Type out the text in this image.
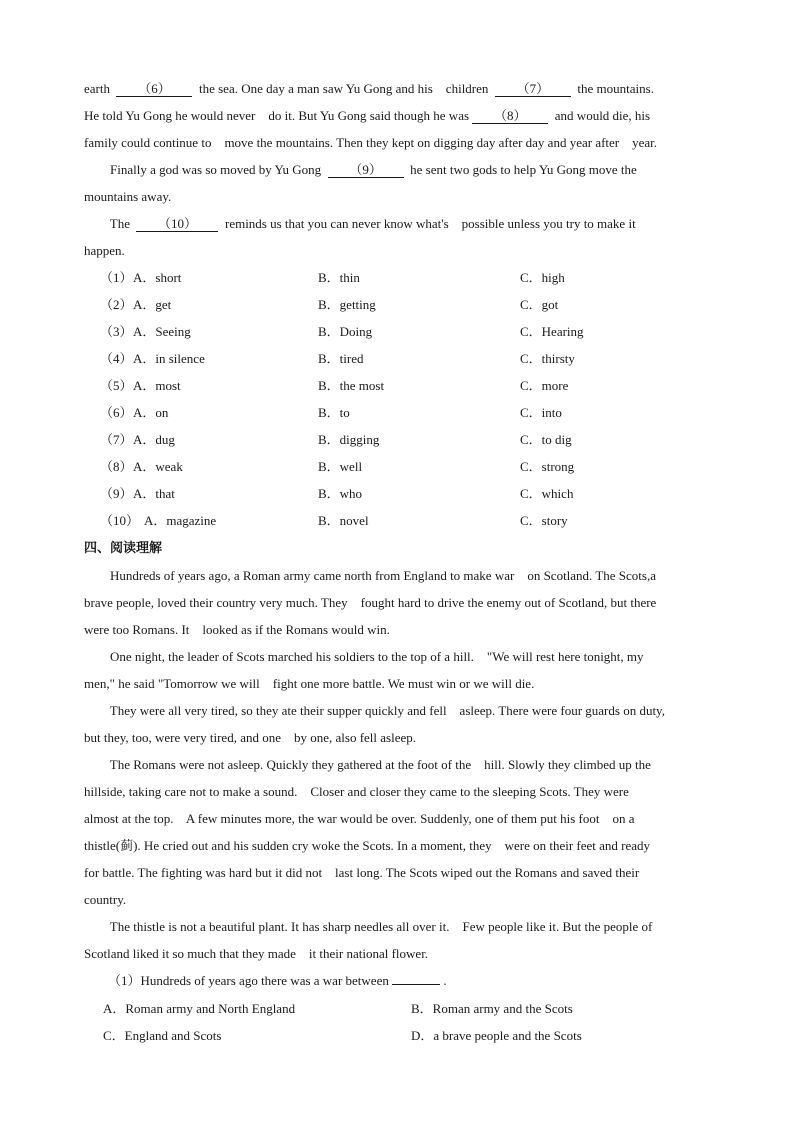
earth  （6）  the sea. One day a man saw Yu Gong and his    children  （7）  the mountains.
He told Yu Gong he would never    do it. But Yu Gong said though he was （8）  and would die, his
family could continue to    move the mountains. Then they kept on digging day after day and year after    year.
Finally a god was so moved by Yu Gong  （9）  he sent two gods to help Yu Gong move the
mountains away.
The  （10）  reminds us that you can never know what's    possible unless you try to make it
happen.
（1） A．short	B．thin	C．high
（2） A．get	B．getting	C．got
（3） A．Seeing	B．Doing	C．Hearing
（4） A．in silence	B．tired	C．thirsty
（5） A．most	B．the most	C．more
（6） A．on	B．to	C．into
（7） A．dug	B．digging	C．to dig
（8） A．weak	B．well	C．strong
（9） A．that	B．who	C．which
（10） A．magazine	B．novel	C．story
四、阅读理解
Hundreds of years ago, a Roman army came north from England to make war    on Scotland. The Scots,a
brave people, loved their country very much. They    fought hard to drive the enemy out of Scotland, but there
were too Romans. It    looked as if the Romans would win.
One night, the leader of Scots marched his soldiers to the top of a hill.    "We will rest here tonight, my
men," he said "Tomorrow we will    fight one more battle. We must win or we will die.
They were all very tired, so they ate their supper quickly and fell    asleep. There were four guards on duty,
but they, too, were very tired, and one    by one, also fell asleep.
The Romans were not asleep. Quickly they gathered at the foot of the    hill. Slowly they climbed up the
hillside, taking care not to make a sound.    Closer and closer they came to the sleeping Scots. They were
almost at the top.    A few minutes more, the war would be over. Suddenly, one of them put his foot    on a
thistle(蓟). He cried out and his sudden cry woke the Scots. In a moment, they    were on their feet and ready
for battle. The fighting was hard but it did not    last long. The Scots wiped out the Romans and saved their
country.
The thistle is not a beautiful plant. It has sharp needles all over it.    Few people like it. But the people of
Scotland liked it so much that they made    it their national flower.
（1）Hundreds of years ago there was a war between	.
A．Roman army and North England	B．Roman army and the Scots
C．England and Scots	D．a brave people and the Scots
